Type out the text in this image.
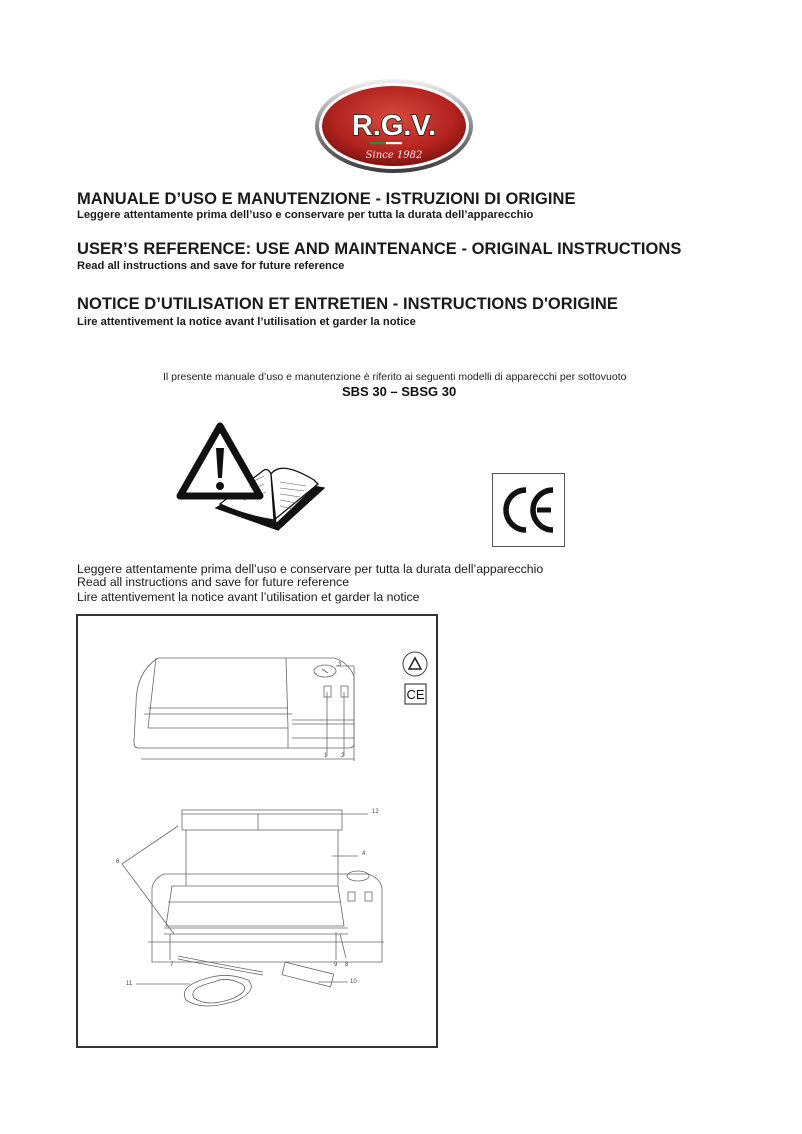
R.G.V.
Since 1982
MANUALE D’USO E MANUTENZIONE - ISTRUZIONI DI ORIGINE
Leggere attentamente prima dell’uso e conservare per tutta la durata dell’apparecchio
USER’S REFERENCE: USE AND MAINTENANCE - ORIGINAL INSTRUCTIONS
Read all instructions and save for future reference
NOTICE D’UTILISATION ET ENTRETIEN - INSTRUCTIONS D'ORIGINE
Lire attentivement la notice avant l’utilisation et garder la notice
Il presente manuale d’uso e manutenzione è riferito ai seguenti modelli di apparecchi per sottovuoto
SBS 30 – SBSG 30
Leggere attentamente prima dell’uso e conservare per tutta la durata dell’apparecchio
Read all instructions and save for future reference
Lire attentivement la notice avant l’utilisation et garder la notice
CE
3
1 2
12
4
6
7	9 8
10
11
